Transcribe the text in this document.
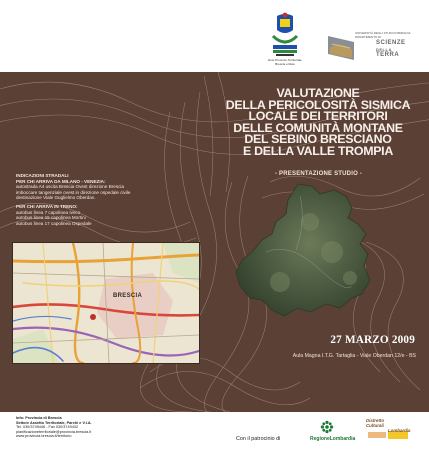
Ente Province Territoriale
Brescia e Rete
UNIVERSITÀ DEGLI STUDI DI BRESCIA
DIPARTIMENTO DI
SCIENZE
DELLA
TERRA
VALUTAZIONE
DELLA PERICOLOSITÀ SISMICA
LOCALE DEI TERRITORI
DELLE COMUNITÀ MONTANE
DEL SEBINO BRESCIANO
E DELLA VALLE TROMPIA
- PRESENTAZIONE STUDIO -
INDICAZIONI STRADALI
PER CHI ARRIVA DA MILANO - VENEZIA:
autostrada A4 uscita Brescia Ovest direzione Brescia
imboccare tangenziale ovest in direzione ospedale civile
destinazione Viale Guglielmo Oberdan.
PER CHI ARRIVA IN TRENO:
autobus linea 7 capolinea Iveco
autobus linea 15 capolinea Mortini
autobus linea 17 capolinea Ospedale
BRESCIA
27 MARZO 2009
Aula Magna I.T.G. Tartaglia - Viale Oberdan 12/e - BS
Info: Provincia di Brescia
Settore Assetto Territoriale, Parchi e V.I.A.
Tel. 030/3749446 - Fax 030/3749432
pianificazioneterritoriale@provincia.brescia.it
www.provincia.brescia.it/territorio	Con il patrocinio di	RegioneLombardia
Distretto
Culturali
Lombardia
